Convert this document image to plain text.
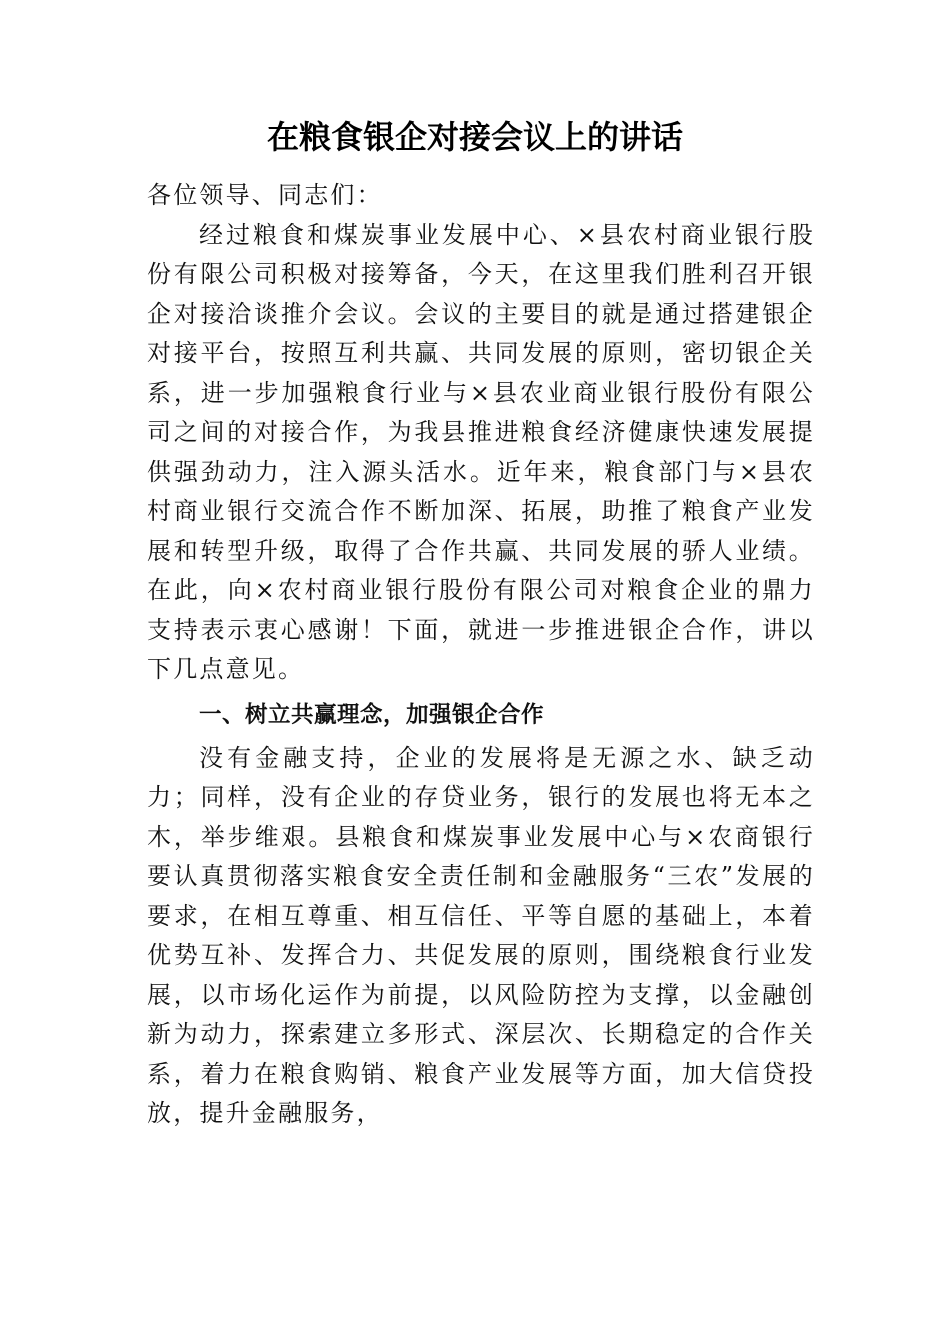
在粮食银企对接会议上的讲话

各位领导、同志们：

经过粮食和煤炭事业发展中心、×县农村商业银行股份有限公司积极对接筹备，今天，在这里我们胜利召开银企对接洽谈推介会议。会议的主要目的就是通过搭建银企对接平台，按照互利共赢、共同发展的原则，密切银企关系，进一步加强粮食行业与×县农业商业银行股份有限公司之间的对接合作，为我县推进粮食经济健康快速发展提供强劲动力，注入源头活水。近年来，粮食部门与×县农村商业银行交流合作不断加深、拓展，助推了粮食产业发展和转型升级，取得了合作共赢、共同发展的骄人业绩。在此，向×农村商业银行股份有限公司对粮食企业的鼎力支持表示衷心感谢！下面，就进一步推进银企合作，讲以下几点意见。

一、树立共赢理念，加强银企合作

没有金融支持，企业的发展将是无源之水、缺乏动力；同样，没有企业的存贷业务，银行的发展也将无本之木，举步维艰。县粮食和煤炭事业发展中心与×农商银行要认真贯彻落实粮食安全责任制和金融服务“三农”发展的要求，在相互尊重、相互信任、平等自愿的基础上，本着优势互补、发挥合力、共促发展的原则，围绕粮食行业发展，以市场化运作为前提，以风险防控为支撑，以金融创新为动力，探索建立多形式、深层次、长期稳定的合作关系，着力在粮食购销、粮食产业发展等方面，加大信贷投放，提升金融服务，
